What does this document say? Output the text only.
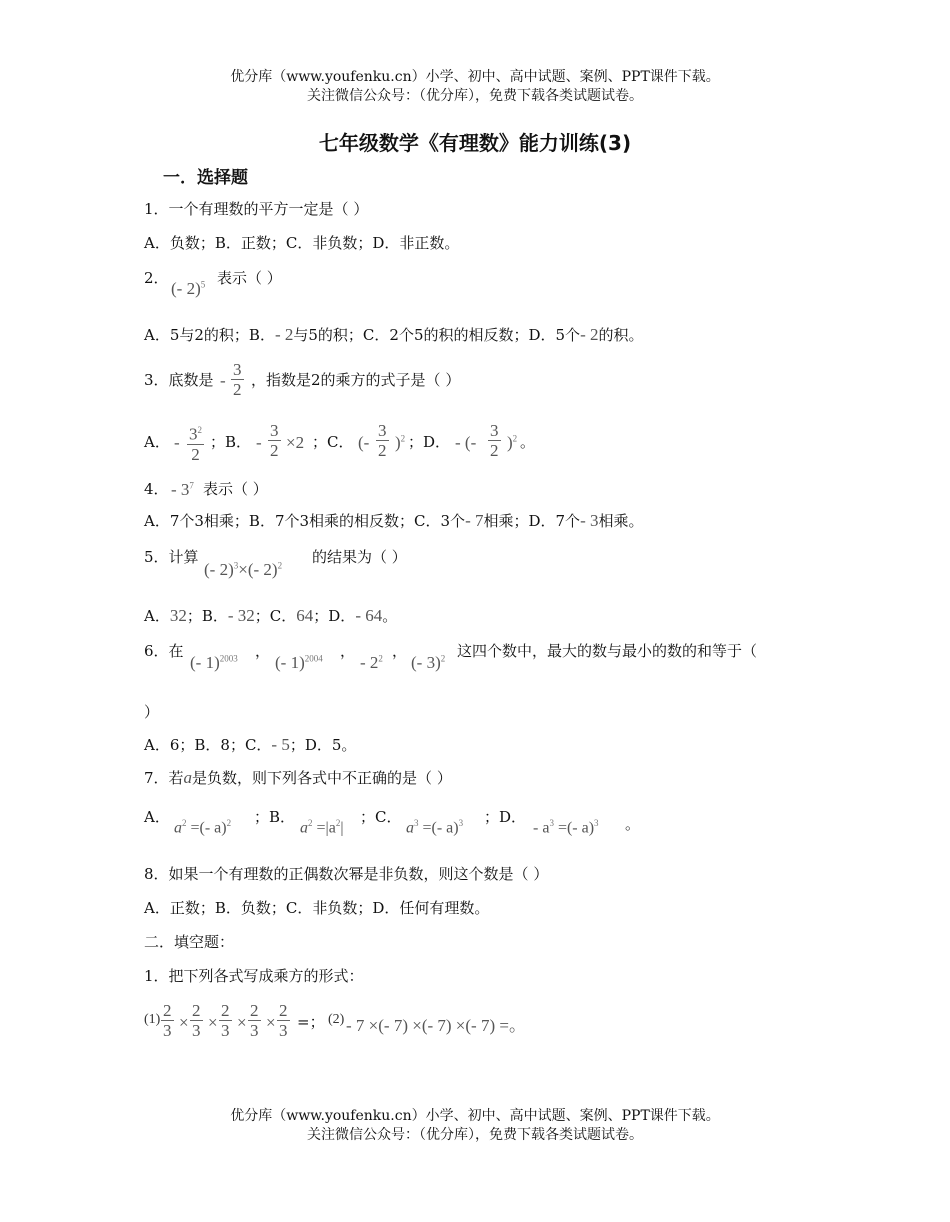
优分库（www.youfenku.cn）小学、初中、高中试题、案例、PPT课件下载。
关注微信公众号：（优分库），免费下载各类试题试卷。
七年级数学《有理数》能力训练(3)
一．选择题
1．一个有理数的平方一定是（ ）
A．负数；B．正数；C．非负数；D．非正数。
2．
(- 2)$^5$ 表示（ ）
A．5与2的积；B．- 2与5的积；C．2个5的积的相反数；D．5个- 2的积。
3．底数是 - $\frac{3}{2}$ ，指数是2的乘方的式子是（ ）
A． - $\frac{3^2}{2}$ ；B． - $\frac{3}{2} \times 2$ ；C． (- $\frac{3}{2} )^2$ ；D． - (- $\frac{3}{2} )^2$ 。
4． - $3^7$ 表示（ ）
A．7个3相乘；B．7个3相乘的相反数；C．3个- 7相乘；D．7个- 3相乘。
5．计算
(- 2)$^3$×(- 2)$^2$ 的结果为（ ）
A．32；B．- 32；C．64；D．- 64。
6．在
(- 1)$^{2003}$ ，
(- 1)$^{2004}$ ，
- $2^2$ ，
(- 3)$^2$ 这四个数中，最大的数与最小的数的和等于（
）
A．6；B．8；C．- 5；D．5。
7．若a是负数，则下列各式中不正确的是（ ）
A．
$a^2$ =(- a)$^2$ ；B．
$a^2 =|a^2|$
；C．
$a^3$ =(- a)$^3$ ；D．
- $a^3$ =(- a)$^3$ 。
8．如果一个有理数的正偶数次幂是非负数，则这个数是（ ）
A．正数；B．负数；C．非负数；D．任何有理数。
二．填空题：
1．把下列各式写成乘方的形式：
$(1) \frac{2}{3} \times \frac{2}{3} \times \frac{2}{3} \times \frac{2}{3} \times \frac{2}{3}$ =； (2) - 7 ×(- 7) ×(- 7) ×(- 7) =。
优分库（www.youfenku.cn）小学、初中、高中试题、案例、PPT课件下载。
关注微信公众号：（优分库），免费下载各类试题试卷。
